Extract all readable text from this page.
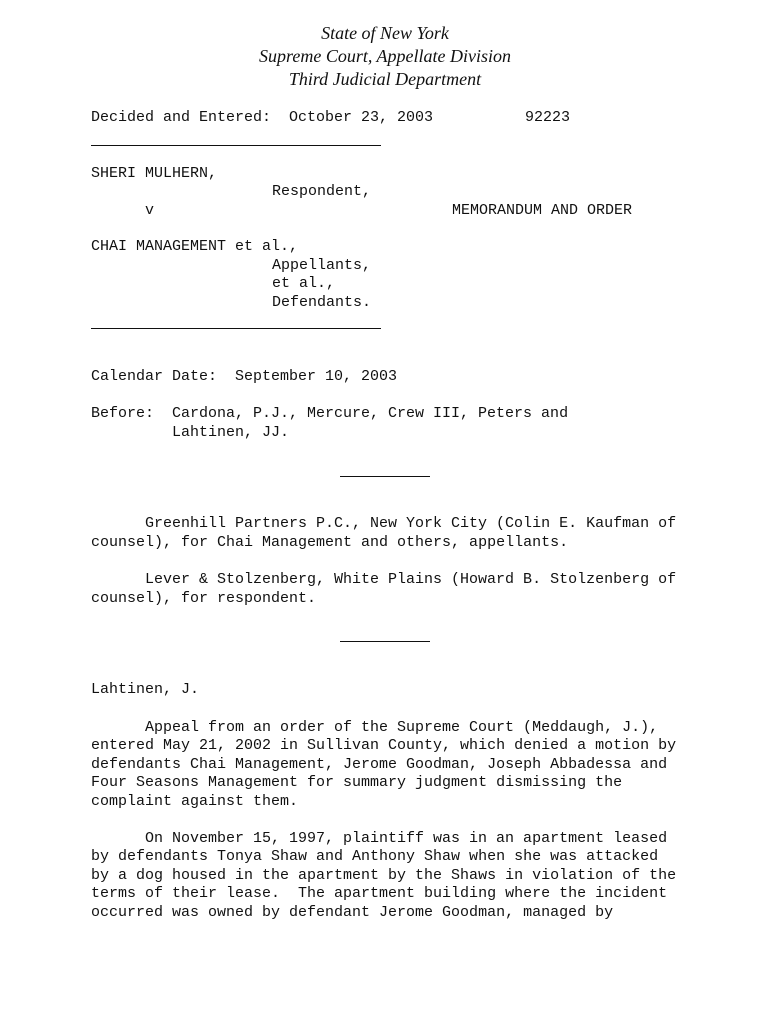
State of New York
Supreme Court, Appellate Division
Third Judicial Department
Decided and Entered: October 23, 2003	92223
SHERI MULHERN,
Respondent,
v	MEMORANDUM AND ORDER
CHAI MANAGEMENT et al.,
Appellants,
et al.,
Defendants.
Calendar Date: September 10, 2003
Before: Cardona, P.J., Mercure, Crew III, Peters and
Lahtinen, JJ.
Greenhill Partners P.C., New York City (Colin E. Kaufman of
counsel), for Chai Management and others, appellants.
Lever & Stolzenberg, White Plains (Howard B. Stolzenberg of
counsel), for respondent.
Lahtinen, J.
Appeal from an order of the Supreme Court (Meddaugh, J.),
entered May 21, 2002 in Sullivan County, which denied a motion by
defendants Chai Management, Jerome Goodman, Joseph Abbadessa and
Four Seasons Management for summary judgment dismissing the
complaint against them.
On November 15, 1997, plaintiff was in an apartment leased
by defendants Tonya Shaw and Anthony Shaw when she was attacked
by a dog housed in the apartment by the Shaws in violation of the
terms of their lease.  The apartment building where the incident
occurred was owned by defendant Jerome Goodman, managed by
